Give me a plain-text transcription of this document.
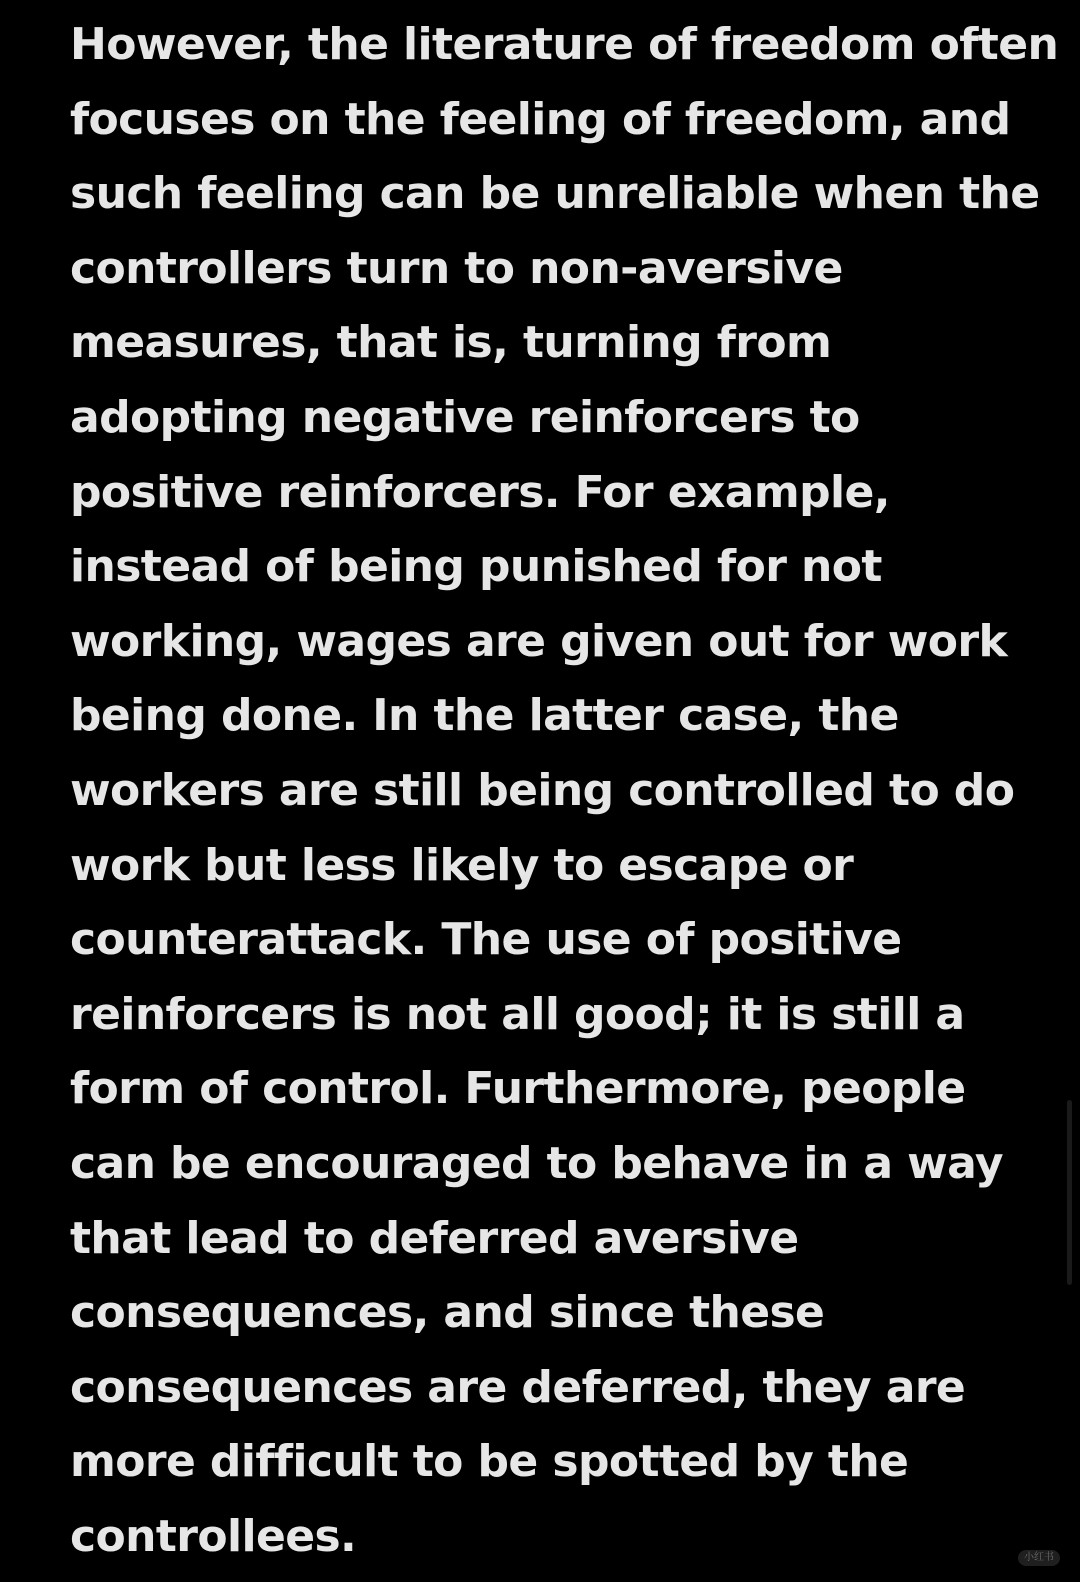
However, the literature of freedom often
focuses on the feeling of freedom, and
such feeling can be unreliable when the
controllers turn to non-aversive
measures, that is, turning from
adopting negative reinforcers to
positive reinforcers. For example,
instead of being punished for not
working, wages are given out for work
being done. In the latter case, the
workers are still being controlled to do
work but less likely to escape or
counterattack. The use of positive
reinforcers is not all good; it is still a
form of control. Furthermore, people
can be encouraged to behave in a way
that lead to deferred aversive
consequences, and since these
consequences are deferred, they are
more difficult to be spotted by the
controllees.	小红书
